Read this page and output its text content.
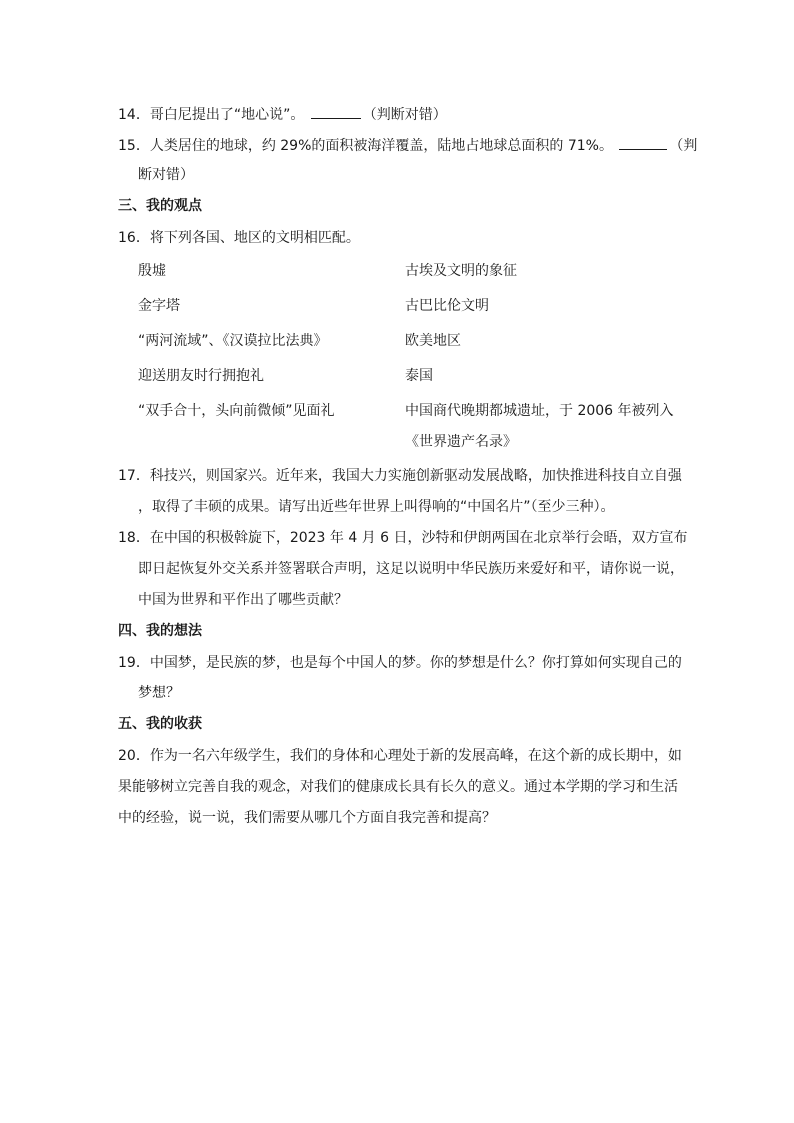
14．哥白尼提出了“地心说”。	（判断对错）
15．人类居住的地球，约 29%的面积被海洋覆盖，陆地占地球总面积的 71%。	（判
断对错）
三、我的观点
16．将下列各国、地区的文明相匹配。
殷墟	古埃及文明的象征
金字塔	古巴比伦文明
“两河流域”、《汉谟拉比法典》	欧美地区
迎送朋友时行拥抱礼	泰国
“双手合十，头向前微倾”见面礼	中国商代晚期都城遗址，于 2006 年被列入
《世界遗产名录》
17．科技兴，则国家兴。近年来，我国大力实施创新驱动发展战略，加快推进科技自立自强
，取得了丰硕的成果。请写出近些年世界上叫得响的“中国名片”（至少三种）。
18．在中国的积极斡旋下，2023 年 4 月 6 日，沙特和伊朗两国在北京举行会晤，双方宣布
即日起恢复外交关系并签署联合声明，这足以说明中华民族历来爱好和平，请你说一说，
中国为世界和平作出了哪些贡献？
四、我的想法
19．中国梦，是民族的梦，也是每个中国人的梦。你的梦想是什么？你打算如何实现自己的
梦想？
五、我的收获
20．作为一名六年级学生，我们的身体和心理处于新的发展高峰，在这个新的成长期中，如
果能够树立完善自我的观念，对我们的健康成长具有长久的意义。通过本学期的学习和生活
中的经验，说一说，我们需要从哪几个方面自我完善和提高？
